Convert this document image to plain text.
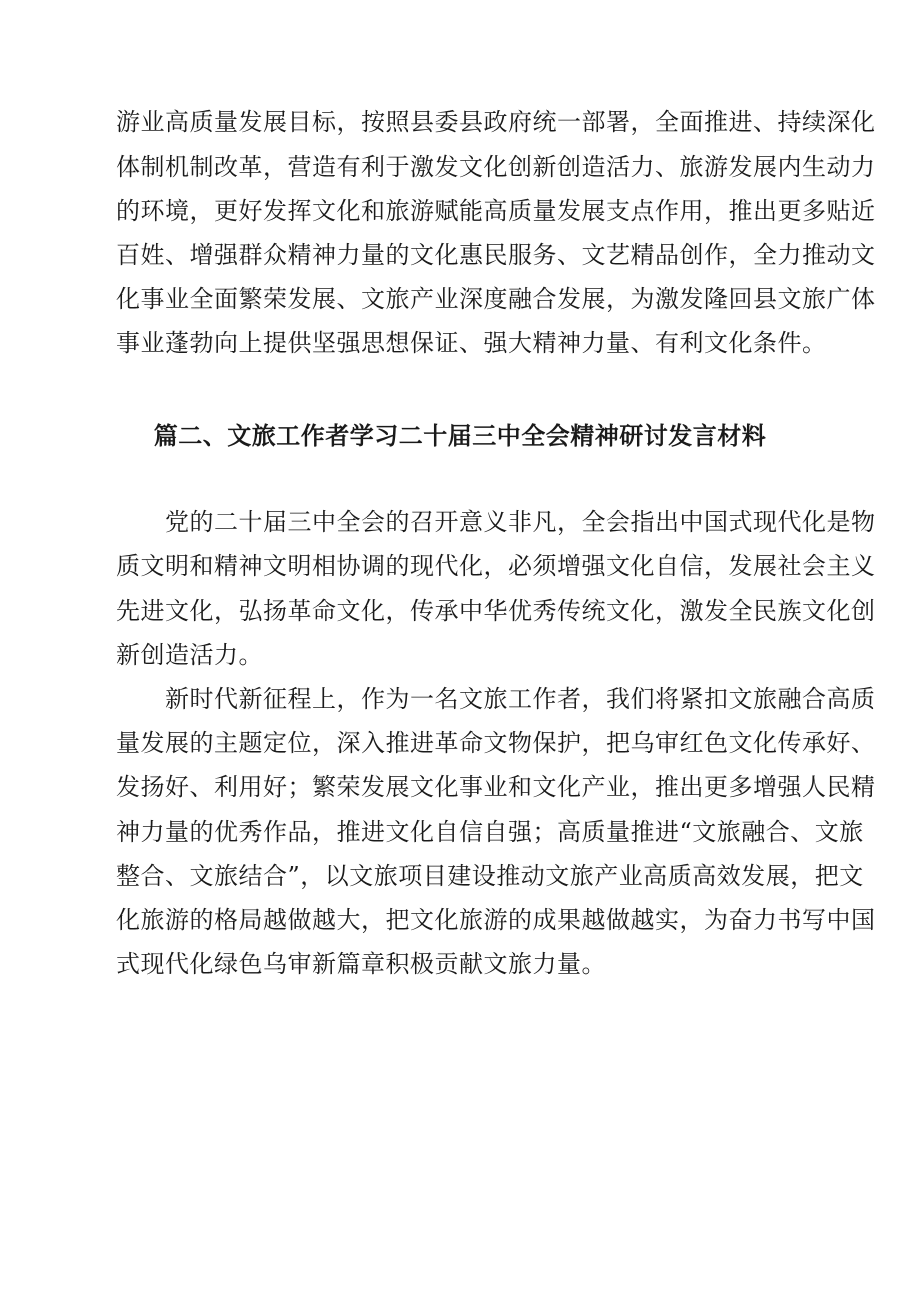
游业高质量发展目标，按照县委县政府统一部署，全面推进、持续深化
体制机制改革，营造有利于激发文化创新创造活力、旅游发展内生动力
的环境，更好发挥文化和旅游赋能高质量发展支点作用，推出更多贴近
百姓、增强群众精神力量的文化惠民服务、文艺精品创作，全力推动文
化事业全面繁荣发展、文旅产业深度融合发展，为激发隆回县文旅广体
事业蓬勃向上提供坚强思想保证、强大精神力量、有利文化条件。
篇二、文旅工作者学习二十届三中全会精神研讨发言材料
　　党的二十届三中全会的召开意义非凡，全会指出中国式现代化是物
质文明和精神文明相协调的现代化，必须增强文化自信，发展社会主义
先进文化，弘扬革命文化，传承中华优秀传统文化，激发全民族文化创
新创造活力。
　　新时代新征程上，作为一名文旅工作者，我们将紧扣文旅融合高质
量发展的主题定位，深入推进革命文物保护，把乌审红色文化传承好、
发扬好、利用好；繁荣发展文化事业和文化产业，推出更多增强人民精
神力量的优秀作品，推进文化自信自强；高质量推进“文旅融合、文旅
整合、文旅结合”，以文旅项目建设推动文旅产业高质高效发展，把文
化旅游的格局越做越大，把文化旅游的成果越做越实，为奋力书写中国
式现代化绿色乌审新篇章积极贡献文旅力量。
